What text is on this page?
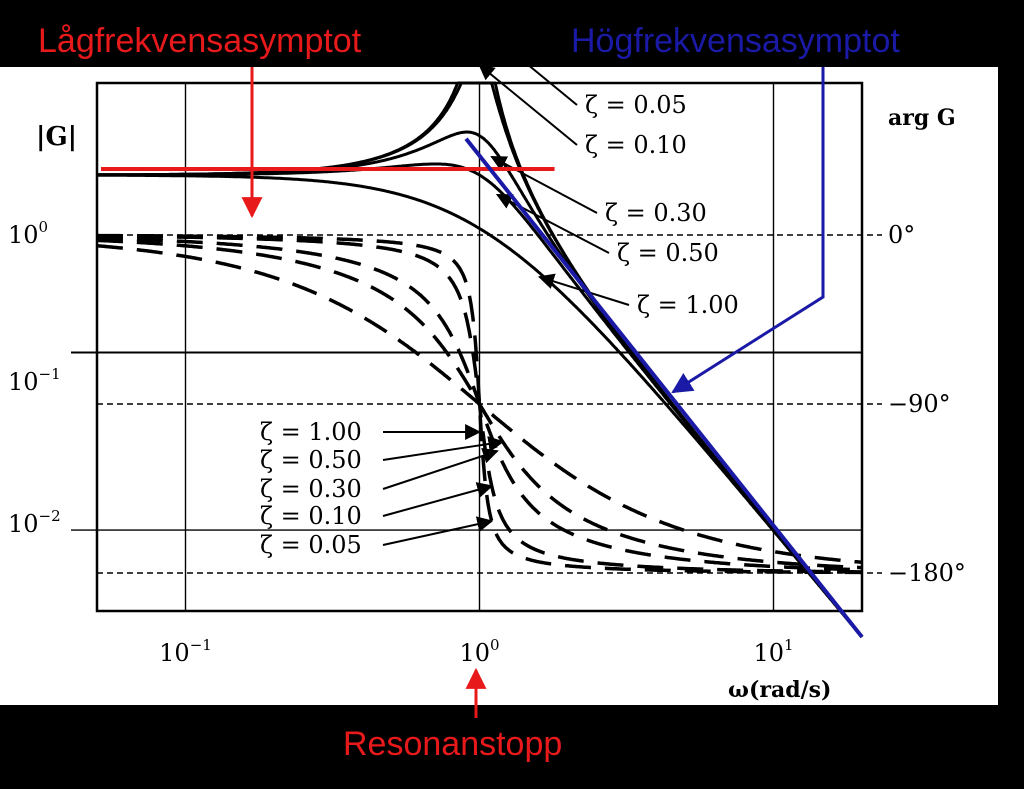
$10^{-1}$	$10^0$	$10^1$
$10^0$
$10^{-1}$
$10^{-2}$
0°
−90°
−180°
ζ = 0.05
ζ = 0.10
ζ = 0.30
ζ = 0.50
ζ = 1.00
ζ = 1.00
ζ = 0.50
ζ = 0.30
ζ = 0.10
ζ = 0.05
|G|
arg G
ω(rad/s)
Lågfrekvensasymptot	Högfrekvensasymptot
Resonanstopp
